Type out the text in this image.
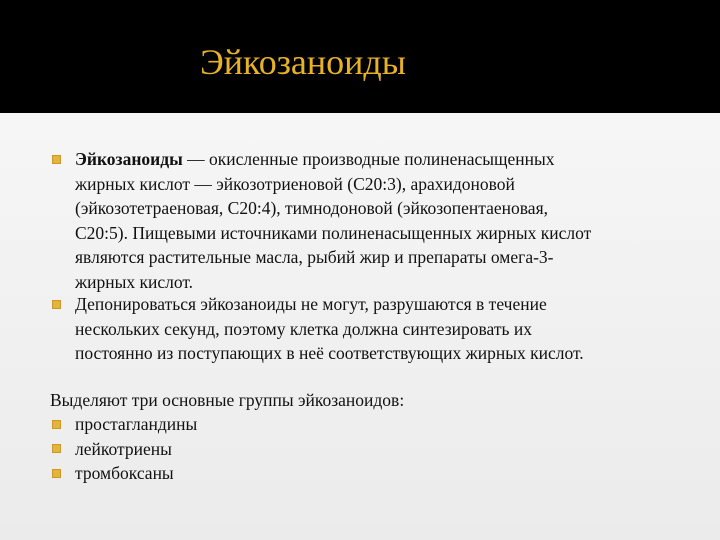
Эйкозаноиды
Эйкозаноиды — окисленные производные полиненасыщенных
жирных кислот — эйкозотриеновой (С20:3), арахидоновой
(эйкозотетраеновая, С20:4), тимнодоновой (эйкозопентаеновая,
С20:5). Пищевыми источниками полиненасыщенных жирных кислот
являются растительные масла, рыбий жир и препараты омега-3-
жирных кислот.
Депонироваться эйкозаноиды не могут, разрушаются в течение
нескольких секунд, поэтому клетка должна синтезировать их
постоянно из поступающих в неё соответствующих жирных кислот.
Выделяют три основные группы эйкозаноидов:
простагландины
лейкотриены
тромбоксаны
